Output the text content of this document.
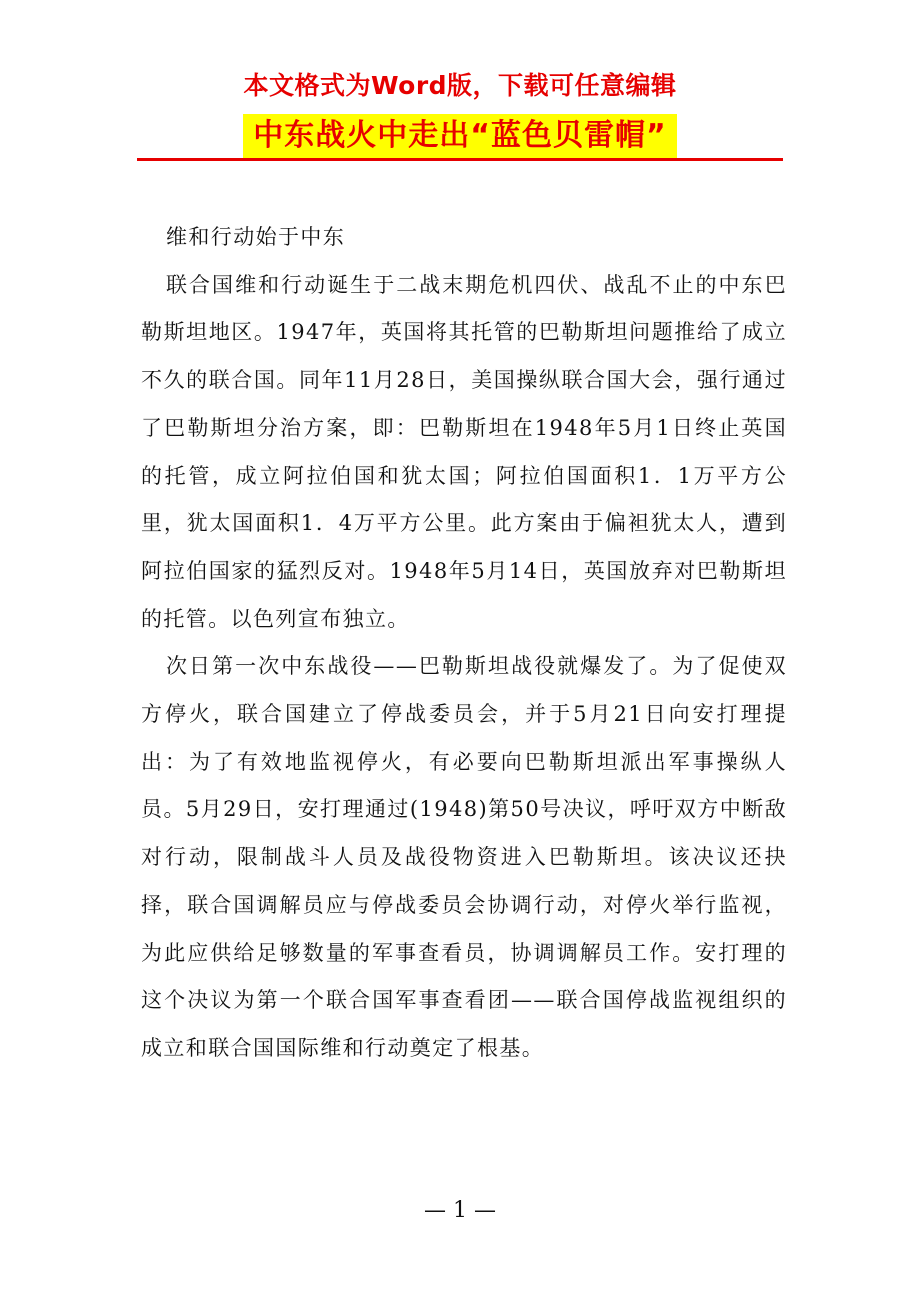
本文格式为Word版，下载可任意编辑
中东战火中走出“蓝色贝雷帽”

维和行动始于中东

联合国维和行动诞生于二战末期危机四伏、战乱不止的中东巴勒斯坦地区。1947年，英国将其托管的巴勒斯坦问题推给了成立不久的联合国。同年11月28日，美国操纵联合国大会，强行通过了巴勒斯坦分治方案，即：巴勒斯坦在1948年5月1日终止英国的托管，成立阿拉伯国和犹太国；阿拉伯国面积1．1万平方公里，犹太国面积1．4万平方公里。此方案由于偏袒犹太人，遭到阿拉伯国家的猛烈反对。1948年5月14日，英国放弃对巴勒斯坦的托管。以色列宣布独立。

次日第一次中东战役——巴勒斯坦战役就爆发了。为了促使双方停火，联合国建立了停战委员会，并于5月21日向安打理提出：为了有效地监视停火，有必要向巴勒斯坦派出军事操纵人员。5月29日，安打理通过(1948)第50号决议，呼吁双方中断敌对行动，限制战斗人员及战役物资进入巴勒斯坦。该决议还抉择，联合国调解员应与停战委员会协调行动，对停火举行监视，为此应供给足够数量的军事查看员，协调调解员工作。安打理的这个决议为第一个联合国军事查看团——联合国停战监视组织的成立和联合国国际维和行动奠定了根基。

— 1 —
